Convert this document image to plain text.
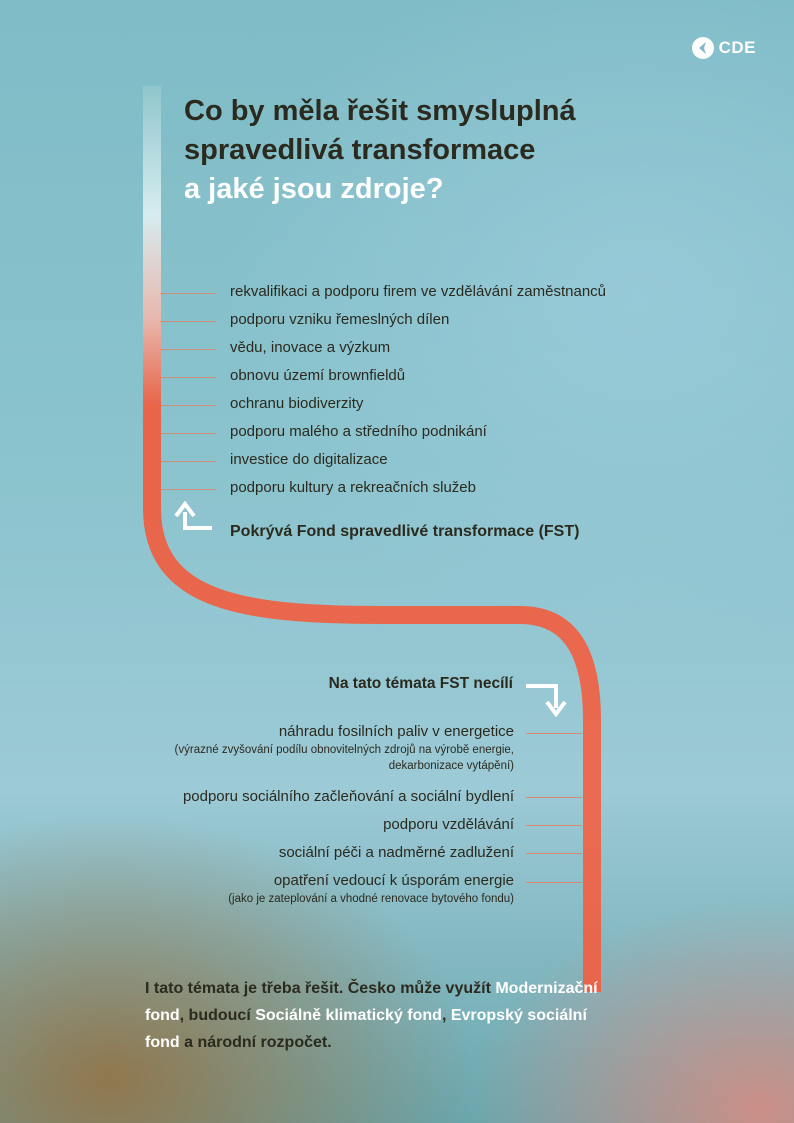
CDE
Co by měla řešit smysluplná
spravedlivá transformace
a jaké jsou zdroje?
rekvalifikaci a podporu firem ve vzdělávání zaměstnanců
podporu vzniku řemeslných dílen
vědu, inovace a výzkum
obnovu území brownfieldů
ochranu biodiverzity
podporu malého a středního podnikání
investice do digitalizace
podporu kultury a rekreačních služeb
Pokrývá Fond spravedlivé transformace (FST)
Na tato témata FST necílí
náhradu fosilních paliv v energetice
(výrazné zvyšování podílu obnovitelných zdrojů na výrobě energie, dekarbonizace vytápění)
podporu sociálního začleňování a sociální bydlení
podporu vzdělávání
sociální péči a nadměrné zadlužení
opatření vedoucí k úsporám energie
(jako je zateplování a vhodné renovace bytového fondu)
I tato témata je třeba řešit. Česko může využít Modernizační fond, budoucí Sociálně klimatický fond, Evropský sociální fond a národní rozpočet.
